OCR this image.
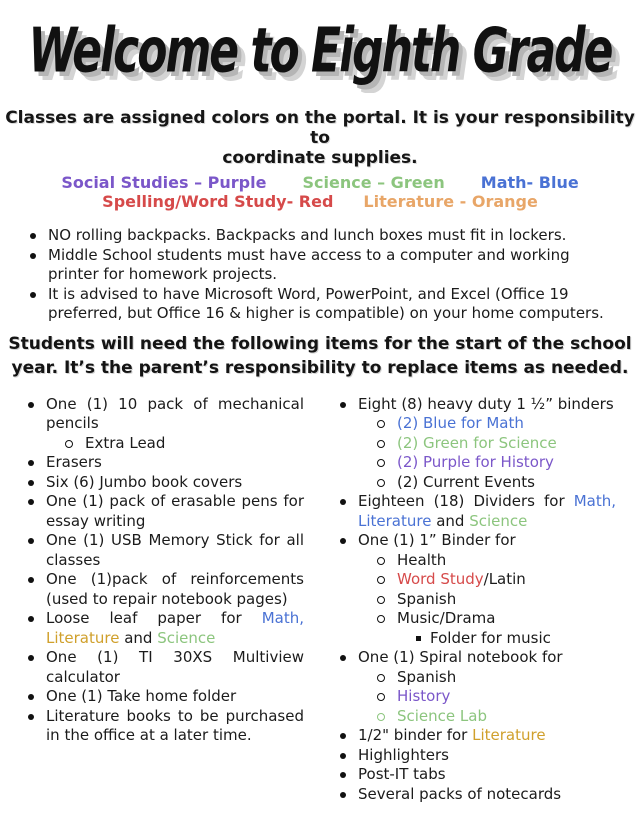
Welcome to Eighth Grade
Classes are assigned colors on the portal. It is your responsibility to
coordinate supplies.
Social Studies – Purple Science – Green Math- Blue
Spelling/Word Study- Red Literature - Orange
NO rolling backpacks. Backpacks and lunch boxes must fit in lockers.
Middle School students must have access to a computer and working printer for homework projects.
It is advised to have Microsoft Word, PowerPoint, and Excel (Office 19 preferred, but Office 16 & higher is compatible) on your home computers.
Students will need the following items for the start of the school
year. It’s the parent’s responsibility to replace items as needed.
One (1) 10 pack of mechanical pencils
Extra Lead
Erasers
Six (6) Jumbo book covers
One (1) pack of erasable pens for essay writing
One (1) USB Memory Stick for all classes
One (1)pack of reinforcements (used to repair notebook pages)
Loose leaf paper for Math, Literature and Science
One (1) TI 30XS Multiview calculator
One (1) Take home folder
Literature books to be purchased in the office at a later time.
Eight (8) heavy duty 1 ½” binders
(2) Blue for Math
(2) Green for Science
(2) Purple for History
(2) Current Events
Eighteen (18) Dividers for Math, Literature and Science
One (1) 1” Binder for
Health
Word Study/Latin
Spanish
Music/Drama
Folder for music
One (1) Spiral notebook for
Spanish
History
Science Lab
1/2" binder for Literature
Highlighters
Post-IT tabs
Several packs of notecards
